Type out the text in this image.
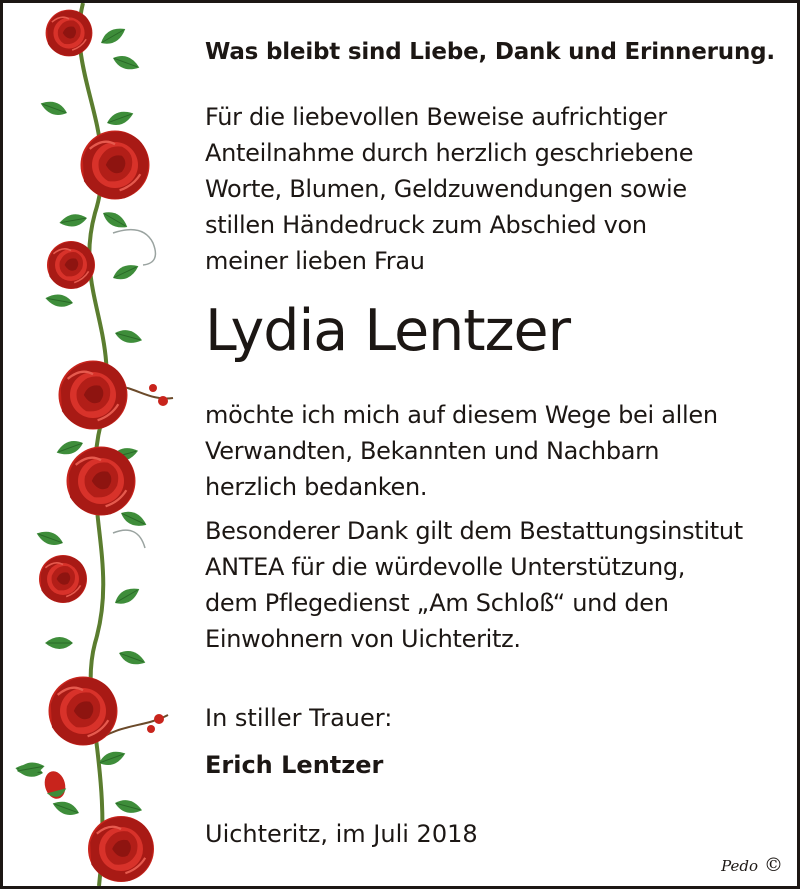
Was bleibt sind Liebe, Dank und Erinnerung.
Für die liebevollen Beweise aufrichtiger
Anteilnahme durch herzlich geschriebene
Worte, Blumen, Geldzuwendungen sowie
stillen Händedruck zum Abschied von
meiner lieben Frau
Lydia Lentzer
möchte ich mich auf diesem Wege bei allen
Verwandten, Bekannten und Nachbarn
herzlich bedanken.
Besonderer Dank gilt dem Bestattungsinstitut
ANTEA für die würdevolle Unterstützung,
dem Pflegedienst „Am Schloß“ und den
Einwohnern von Uichteritz.
In stiller Trauer:
Erich Lentzer
Uichteritz, im Juli 2018
Pedo ©
